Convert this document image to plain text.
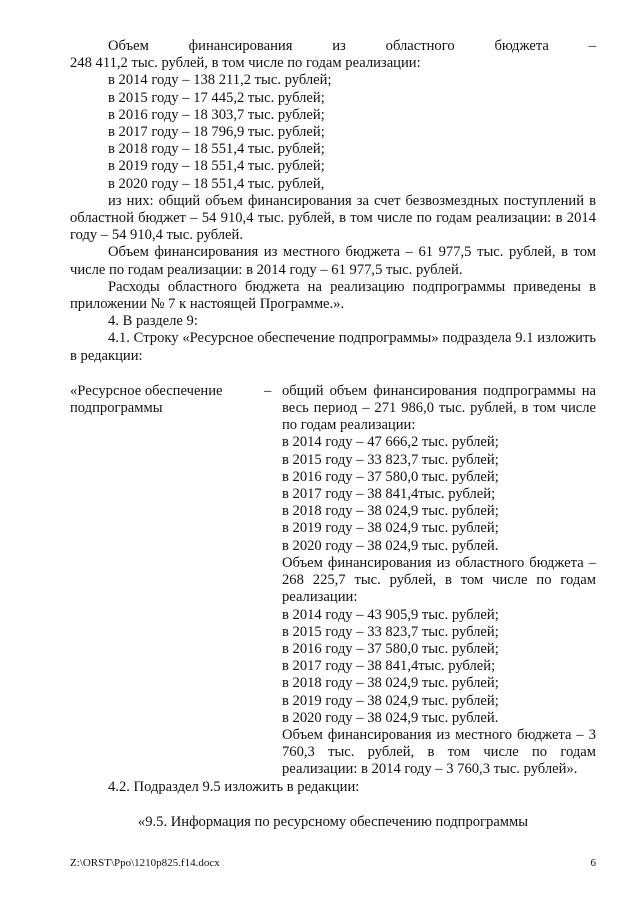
Объем финансирования из областного бюджета –

248 411,2 тыс. рублей, в том числе по годам реализации:

в 2014 году – 138 211,2 тыс. рублей;

в 2015 году – 17 445,2 тыс. рублей;

в 2016 году – 18 303,7 тыс. рублей;

в 2017 году – 18 796,9 тыс. рублей;

в 2018 году – 18 551,4 тыс. рублей;

в 2019 году – 18 551,4 тыс. рублей;

в 2020 году – 18 551,4 тыс. рублей,

из них: общий объем финансирования за счет безвозмездных поступлений в областной бюджет – 54 910,4 тыс. рублей, в том числе по годам реализации: в 2014 году – 54 910,4 тыс. рублей.

Объем финансирования из местного бюджета – 61 977,5 тыс. рублей, в том числе по годам реализации: в 2014 году – 61 977,5 тыс. рублей.

Расходы областного бюджета на реализацию подпрограммы приведены в приложении № 7 к настоящей Программе.».

4. В разделе 9:

4.1. Строку «Ресурсное обеспечение подпрограммы» подраздела 9.1 изложить в редакции:

«Ресурсное обеспечение подпрограммы
– общий объем финансирования подпрограммы на весь период – 271 986,0 тыс. рублей, в том числе по годам реализации:

в 2014 году – 47 666,2 тыс. рублей;

в 2015 году – 33 823,7 тыс. рублей;

в 2016 году – 37 580,0 тыс. рублей;

в 2017 году – 38 841,4тыс. рублей;

в 2018 году – 38 024,9 тыс. рублей;

в 2019 году – 38 024,9 тыс. рублей;

в 2020 году – 38 024,9 тыс. рублей.

Объем финансирования из областного бюджета – 268 225,7 тыс. рублей, в том числе по годам реализации:

в 2014 году – 43 905,9 тыс. рублей;

в 2015 году – 33 823,7 тыс. рублей;

в 2016 году – 37 580,0 тыс. рублей;

в 2017 году – 38 841,4тыс. рублей;

в 2018 году – 38 024,9 тыс. рублей;

в 2019 году – 38 024,9 тыс. рублей;

в 2020 году – 38 024,9 тыс. рублей.

Объем финансирования из местного бюджета – 3 760,3 тыс. рублей, в том числе по годам реализации: в 2014 году – 3 760,3 тыс. рублей».

4.2. Подраздел 9.5 изложить в редакции:

«9.5. Информация по ресурсному обеспечению подпрограммы

Z:\ORST\Ppo\1210p825.f14.docx	6
